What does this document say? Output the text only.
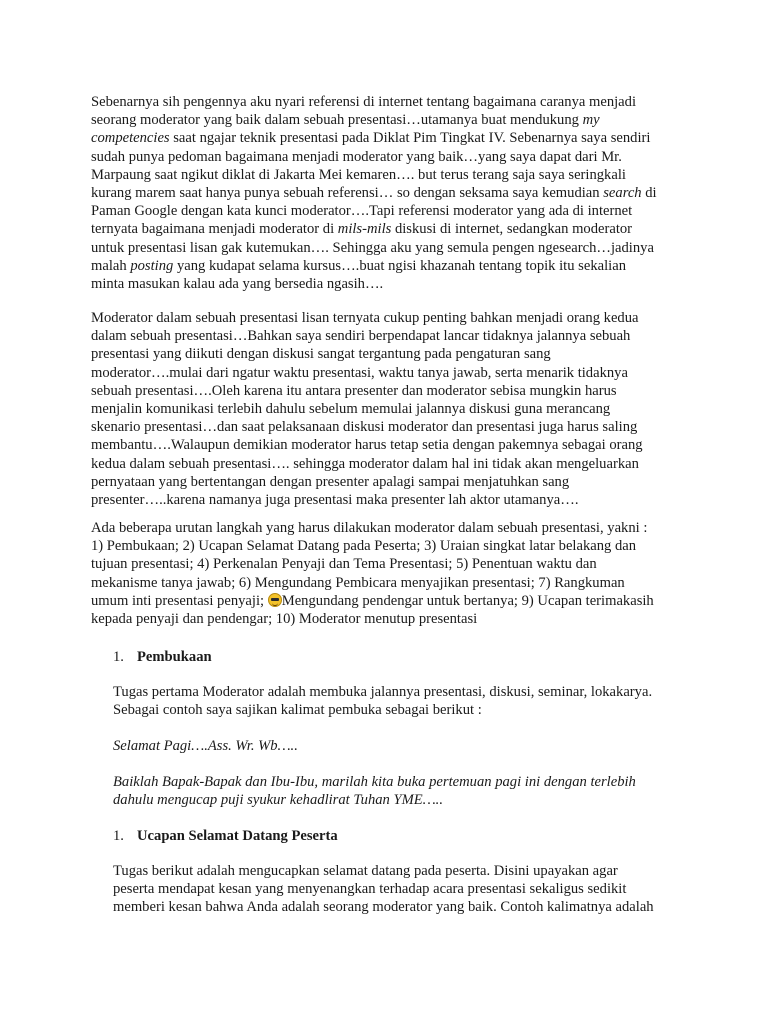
Sebenarnya sih pengennya aku nyari referensi di internet tentang bagaimana caranya menjadi
seorang moderator yang baik dalam sebuah presentasi…utamanya buat mendukung my
competencies saat ngajar teknik presentasi pada Diklat Pim Tingkat IV. Sebenarnya saya sendiri
sudah punya pedoman bagaimana menjadi moderator yang baik…yang saya dapat dari Mr.
Marpaung saat ngikut diklat di Jakarta Mei kemaren…. but terus terang saja saya seringkali
kurang marem saat hanya punya sebuah referensi… so dengan seksama saya kemudian search di
Paman Google dengan kata kunci moderator….Tapi referensi moderator yang ada di internet
ternyata bagaimana menjadi moderator di mils-mils diskusi di internet, sedangkan moderator
untuk presentasi lisan gak kutemukan…. Sehingga aku yang semula pengen ngesearch…jadinya
malah posting yang kudapat selama kursus….buat ngisi khazanah tentang topik itu sekalian
minta masukan kalau ada yang bersedia ngasih….

Moderator dalam sebuah presentasi lisan ternyata cukup penting bahkan menjadi orang kedua
dalam sebuah presentasi…Bahkan saya sendiri berpendapat lancar tidaknya jalannya sebuah
presentasi yang diikuti dengan diskusi sangat tergantung pada pengaturan sang
moderator….mulai dari ngatur waktu presentasi, waktu tanya jawab, serta menarik tidaknya
sebuah presentasi….Oleh karena itu antara presenter dan moderator sebisa mungkin harus
menjalin komunikasi terlebih dahulu sebelum memulai jalannya diskusi guna merancang
skenario presentasi…dan saat pelaksanaan diskusi moderator dan presentasi juga harus saling
membantu….Walaupun demikian moderator harus tetap setia dengan pakemnya sebagai orang
kedua dalam sebuah presentasi…. sehingga moderator dalam hal ini tidak akan mengeluarkan
pernyataan yang bertentangan dengan presenter apalagi sampai menjatuhkan sang
presenter…..karena namanya juga presentasi maka presenter lah aktor utamanya….

Ada beberapa urutan langkah yang harus dilakukan moderator dalam sebuah presentasi, yakni :
1) Pembukaan; 2) Ucapan Selamat Datang pada Peserta; 3) Uraian singkat latar belakang dan
tujuan presentasi; 4) Perkenalan Penyaji dan Tema Presentasi; 5) Penentuan waktu dan
mekanisme tanya jawab; 6) Mengundang Pembicara menyajikan presentasi; 7) Rangkuman
umum inti presentasi penyaji; Mengundang pendengar untuk bertanya; 9) Ucapan terimakasih
kepada penyaji dan pendengar; 10) Moderator menutup presentasi

1. Pembukaan

Tugas pertama Moderator adalah membuka jalannya presentasi, diskusi, seminar, lokakarya.
Sebagai contoh saya sajikan kalimat pembuka sebagai berikut :

Selamat Pagi….Ass. Wr. Wb…..

Baiklah Bapak-Bapak dan Ibu-Ibu, marilah kita buka pertemuan pagi ini dengan terlebih
dahulu mengucap puji syukur kehadlirat Tuhan YME…..

1. Ucapan Selamat Datang Peserta

Tugas berikut adalah mengucapkan selamat datang pada peserta. Disini upayakan agar
peserta mendapat kesan yang menyenangkan terhadap acara presentasi sekaligus sedikit
memberi kesan bahwa Anda adalah seorang moderator yang baik. Contoh kalimatnya adalah
